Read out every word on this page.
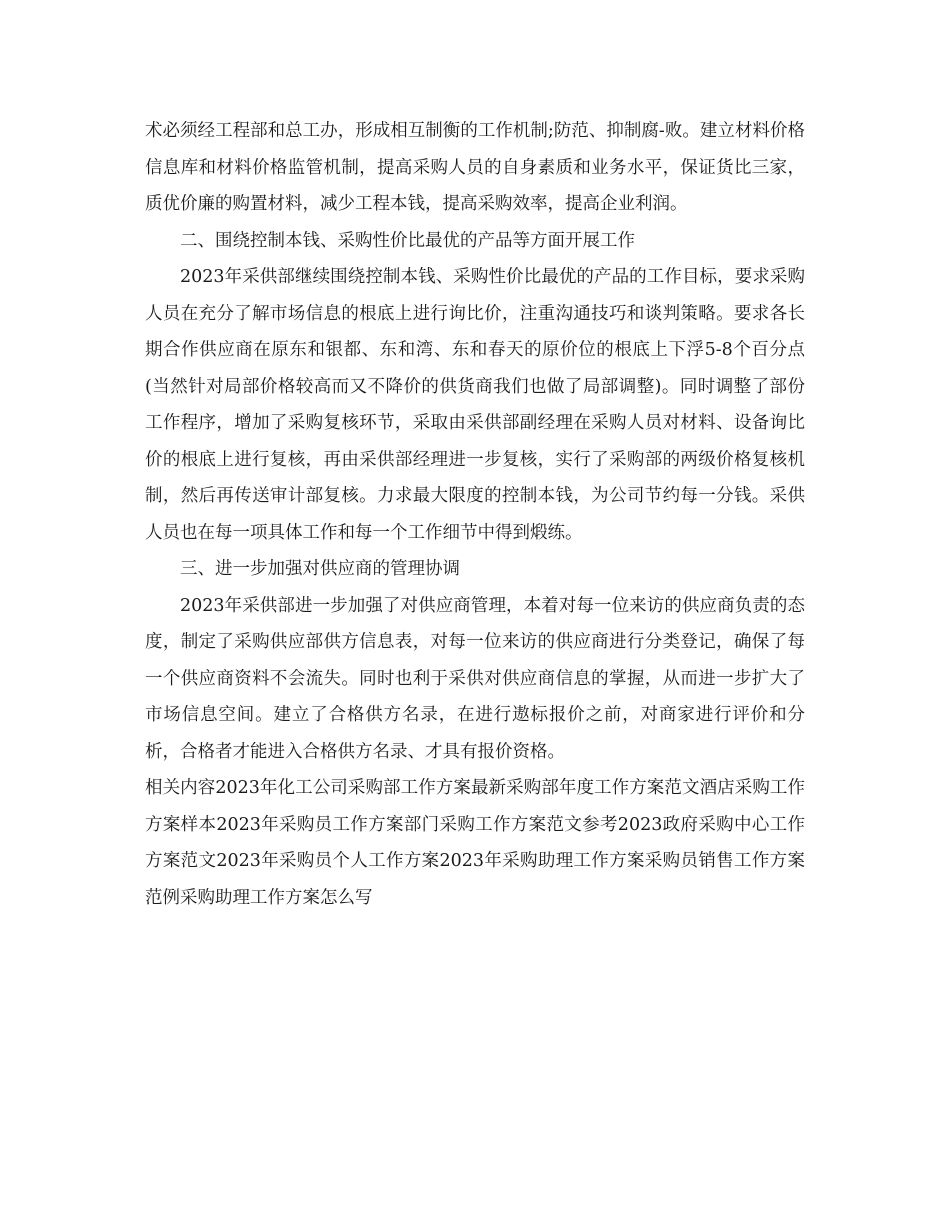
术必须经工程部和总工办，形成相互制衡的工作机制;防范、抑制腐-败。建立材料价格信息库和材料价格监管机制，提高采购人员的自身素质和业务水平，保证货比三家，质优价廉的购置材料，减少工程本钱，提高采购效率，提高企业利润。

二、围绕控制本钱、采购性价比最优的产品等方面开展工作

2023年采供部继续围绕控制本钱、采购性价比最优的产品的工作目标，要求采购人员在充分了解市场信息的根底上进行询比价，注重沟通技巧和谈判策略。要求各长期合作供应商在原东和银都、东和湾、东和春天的原价位的根底上下浮5-8个百分点(当然针对局部价格较高而又不降价的供货商我们也做了局部调整)。同时调整了部份工作程序，增加了采购复核环节，采取由采供部副经理在采购人员对材料、设备询比价的根底上进行复核，再由采供部经理进一步复核，实行了采购部的两级价格复核机制，然后再传送审计部复核。力求最大限度的控制本钱，为公司节约每一分钱。采供人员也在每一项具体工作和每一个工作细节中得到煅练。

三、进一步加强对供应商的管理协调

2023年采供部进一步加强了对供应商管理，本着对每一位来访的供应商负责的态度，制定了采购供应部供方信息表，对每一位来访的供应商进行分类登记，确保了每一个供应商资料不会流失。同时也利于采供对供应商信息的掌握，从而进一步扩大了市场信息空间。建立了合格供方名录，在进行遨标报价之前，对商家进行评价和分析，合格者才能进入合格供方名录、才具有报价资格。

相关内容2023年化工公司采购部工作方案最新采购部年度工作方案范文酒店采购工作方案样本2023年采购员工作方案部门采购工作方案范文参考2023政府采购中心工作方案范文2023年采购员个人工作方案2023年采购助理工作方案采购员销售工作方案范例采购助理工作方案怎么写
